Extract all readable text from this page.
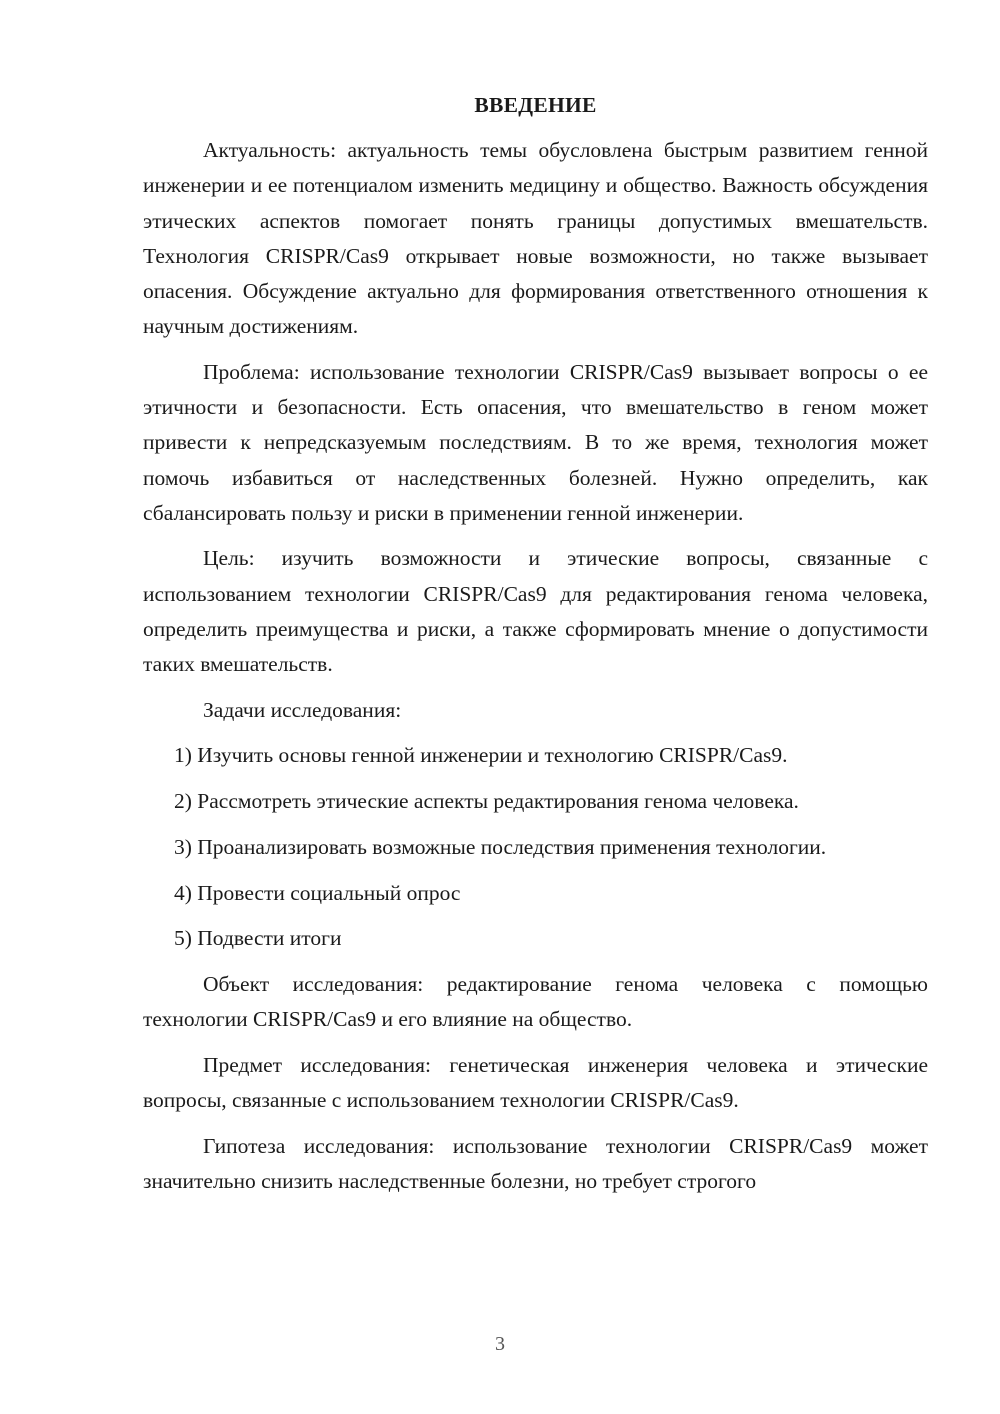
ВВЕДЕНИЕ

Актуальность: актуальность темы обусловлена быстрым развитием генной инженерии и ее потенциалом изменить медицину и общество. Важность обсуждения этических аспектов помогает понять границы допустимых вмешательств. Технология CRISPR/Cas9 открывает новые возможности, но также вызывает опасения. Обсуждение актуально для формирования ответственного отношения к научным достижениям.

Проблема: использование технологии CRISPR/Cas9 вызывает вопросы о ее этичности и безопасности. Есть опасения, что вмешательство в геном может привести к непредсказуемым последствиям. В то же время, технология может помочь избавиться от наследственных болезней. Нужно определить, как сбалансировать пользу и риски в применении генной инженерии.

Цель: изучить возможности и этические вопросы, связанные с использованием технологии CRISPR/Cas9 для редактирования генома человека, определить преимущества и риски, а также сформировать мнение о допустимости таких вмешательств.

Задачи исследования:

1) Изучить основы генной инженерии и технологию CRISPR/Cas9.

2) Рассмотреть этические аспекты редактирования генома человека.

3) Проанализировать возможные последствия применения технологии.

4) Провести социальный опрос

5) Подвести итоги

Объект исследования: редактирование генома человека с помощью технологии CRISPR/Cas9 и его влияние на общество.

Предмет исследования: генетическая инженерия человека и этические вопросы, связанные с использованием технологии CRISPR/Cas9.

Гипотеза исследования: использование технологии CRISPR/Cas9 может значительно снизить наследственные болезни, но требует строгого

3
